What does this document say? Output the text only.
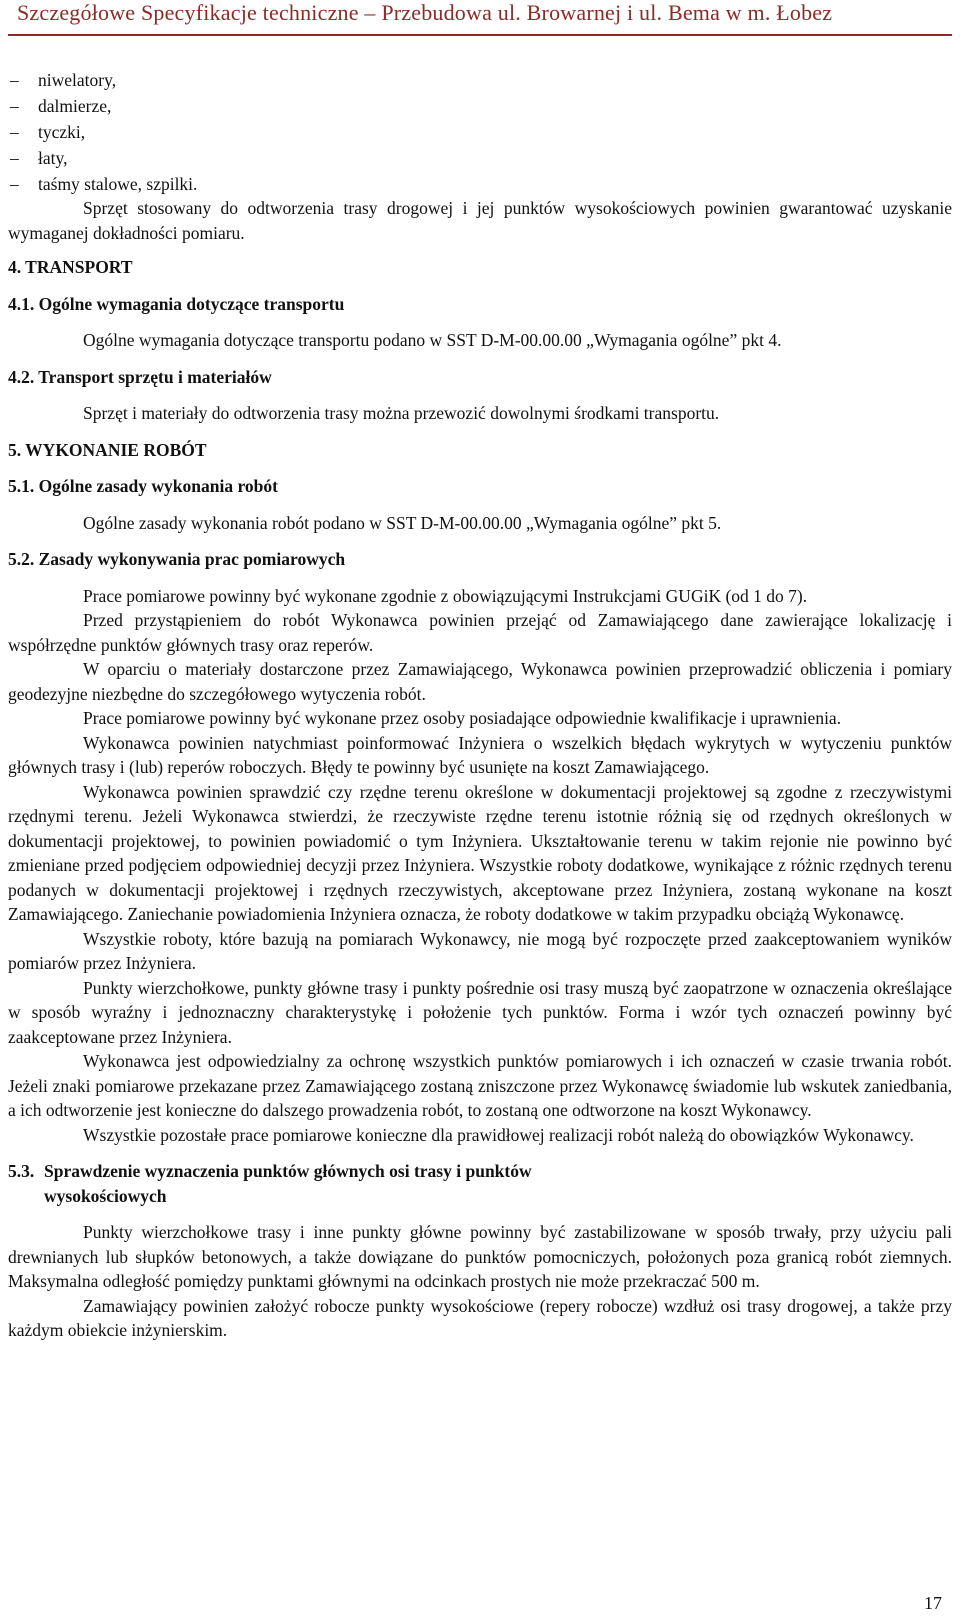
Szczegółowe Specyfikacje techniczne – Przebudowa ul. Browarnej i ul. Bema w m. Łobez
– niwelatory,
– dalmierze,
– tyczki,
– łaty,
– taśmy stalowe, szpilki.

Sprzęt stosowany do odtworzenia trasy drogowej i jej punktów wysokościowych powinien gwarantować uzyskanie wymaganej dokładności pomiaru.

4. TRANSPORT
4.1. Ogólne wymagania dotyczące transportu

Ogólne wymagania dotyczące transportu podano w SST D-M-00.00.00 „Wymagania ogólne” pkt 4.

4.2. Transport sprzętu i materiałów

Sprzęt i materiały do odtworzenia trasy można przewozić dowolnymi środkami transportu.

5. WYKONANIE ROBÓT
5.1. Ogólne zasady wykonania robót

Ogólne zasady wykonania robót podano w SST D-M-00.00.00 „Wymagania ogólne” pkt 5.

5.2. Zasady wykonywania prac pomiarowych

Prace pomiarowe powinny być wykonane zgodnie z obowiązującymi Instrukcjami GUGiK (od 1 do 7).

Przed przystąpieniem do robót Wykonawca powinien przejąć od Zamawiającego dane zawierające lokalizację i współrzędne punktów głównych trasy oraz reperów.

W oparciu o materiały dostarczone przez Zamawiającego, Wykonawca powinien przeprowadzić obliczenia i pomiary geodezyjne niezbędne do szczegółowego wytyczenia robót.

Prace pomiarowe powinny być wykonane przez osoby posiadające odpowiednie kwalifikacje i uprawnienia.

Wykonawca powinien natychmiast poinformować Inżyniera o wszelkich błędach wykrytych w wytyczeniu punktów głównych trasy i (lub) reperów roboczych. Błędy te powinny być usunięte na koszt Zamawiającego.

Wykonawca powinien sprawdzić czy rzędne terenu określone w dokumentacji projektowej są zgodne z rzeczywistymi rzędnymi terenu. Jeżeli Wykonawca stwierdzi, że rzeczywiste rzędne terenu istotnie różnią się od rzędnych określonych w dokumentacji projektowej, to powinien powiadomić o tym Inżyniera. Ukształtowanie terenu w takim rejonie nie powinno być zmieniane przed podjęciem odpowiedniej decyzji przez Inżyniera. Wszystkie roboty dodatkowe, wynikające z różnic rzędnych terenu podanych w dokumentacji projektowej i rzędnych rzeczywistych, akceptowane przez Inżyniera, zostaną wykonane na koszt Zamawiającego. Zaniechanie powiadomienia Inżyniera oznacza, że roboty dodatkowe w takim przypadku obciążą Wykonawcę.

Wszystkie roboty, które bazują na pomiarach Wykonawcy, nie mogą być rozpoczęte przed zaakceptowaniem wyników pomiarów przez Inżyniera.

Punkty wierzchołkowe, punkty główne trasy i punkty pośrednie osi trasy muszą być zaopatrzone w oznaczenia określające w sposób wyraźny i jednoznaczny charakterystykę i położenie tych punktów. Forma i wzór tych oznaczeń powinny być zaakceptowane przez Inżyniera.

Wykonawca jest odpowiedzialny za ochronę wszystkich punktów pomiarowych i ich oznaczeń w czasie trwania robót. Jeżeli znaki pomiarowe przekazane przez Zamawiającego zostaną zniszczone przez Wykonawcę świadomie lub wskutek zaniedbania, a ich odtworzenie jest konieczne do dalszego prowadzenia robót, to zostaną one odtworzone na koszt Wykonawcy.

Wszystkie pozostałe prace pomiarowe konieczne dla prawidłowej realizacji robót należą do obowiązków Wykonawcy.

5.3. Sprawdzenie wyznaczenia punktów głównych osi trasy i punktów
wysokościowych

Punkty wierzchołkowe trasy i inne punkty główne powinny być zastabilizowane w sposób trwały, przy użyciu pali drewnianych lub słupków betonowych, a także dowiązane do punktów pomocniczych, położonych poza granicą robót ziemnych. Maksymalna odległość pomiędzy punktami głównymi na odcinkach prostych nie może przekraczać 500 m.

Zamawiający powinien założyć robocze punkty wysokościowe (repery robocze) wzdłuż osi trasy drogowej, a także przy każdym obiekcie inżynierskim.

17
